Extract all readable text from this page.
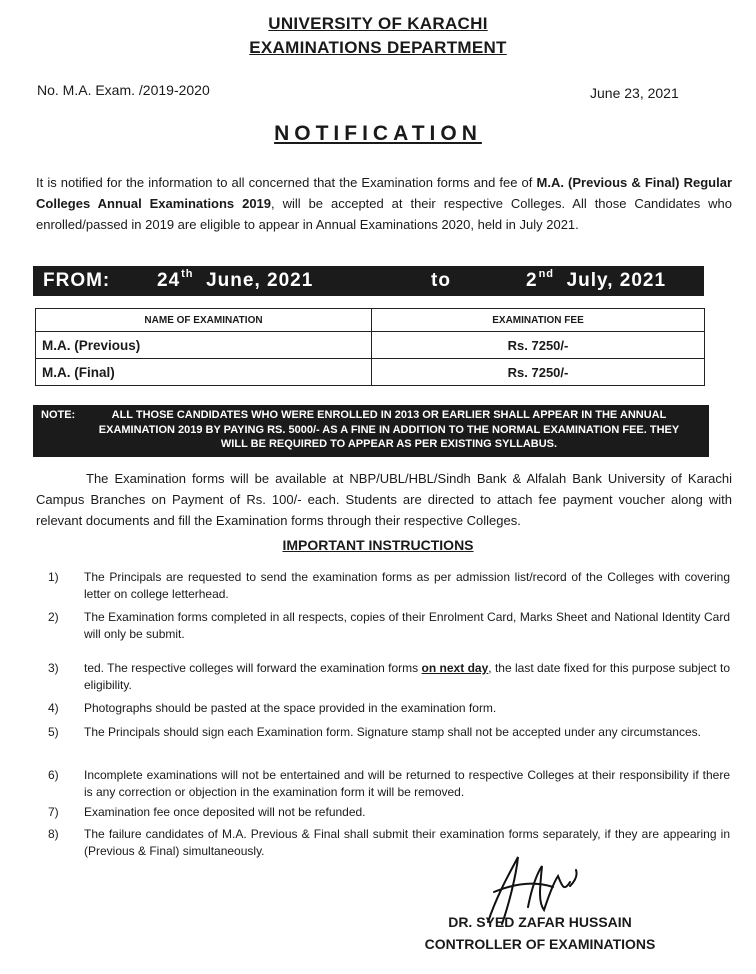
UNIVERSITY OF KARACHI
EXAMINATIONS DEPARTMENT
No. M.A. Exam. /2019-2020	June 23, 2021
NOTIFICATION
It is notified for the information to all concerned that the Examination forms and fee of M.A. (Previous & Final) Regular Colleges Annual Examinations 2019, will be accepted at their respective Colleges. All those Candidates who enrolled/passed in 2019 are eligible to appear in Annual Examinations 2020, held in July 2021.
FROM: 24th June, 2021	to	2nd July, 2021
NAME OF EXAMINATION	EXAMINATION FEE
M.A. (Previous)	Rs. 7250/-
M.A. (Final)	Rs. 7250/-
NOTE:	ALL THOSE CANDIDATES WHO WERE ENROLLED IN 2013 OR EARLIER SHALL APPEAR IN THE ANNUAL EXAMINATION 2019 BY PAYING RS. 5000/- AS A FINE IN ADDITION TO THE NORMAL EXAMINATION FEE. THEY WILL BE REQUIRED TO APPEAR AS PER EXISTING SYLLABUS.
The Examination forms will be available at NBP/UBL/HBL/Sindh Bank & Alfalah Bank University of Karachi Campus Branches on Payment of Rs. 100/- each. Students are directed to attach fee payment voucher along with relevant documents and fill the Examination forms through their respective Colleges.
IMPORTANT INSTRUCTIONS
1) The Principals are requested to send the examination forms as per admission list/record of the Colleges with covering letter on college letterhead.
2) The Examination forms completed in all respects, copies of their Enrolment Card, Marks Sheet and National Identity Card will only be submit.
3) ted. The respective colleges will forward the examination forms on next day, the last date fixed for this purpose subject to eligibility.
4) Photographs should be pasted at the space provided in the examination form.
5) The Principals should sign each Examination form. Signature stamp shall not be accepted under any circumstances.
6) Incomplete examinations will not be entertained and will be returned to respective Colleges at their responsibility if there is any correction or objection in the examination form it will be removed.
7) Examination fee once deposited will not be refunded.
8) The failure candidates of M.A. Previous & Final shall submit their examination forms separately, if they are appearing in (Previous & Final) simultaneously.
DR. SYED ZAFAR HUSSAIN
CONTROLLER OF EXAMINATIONS
